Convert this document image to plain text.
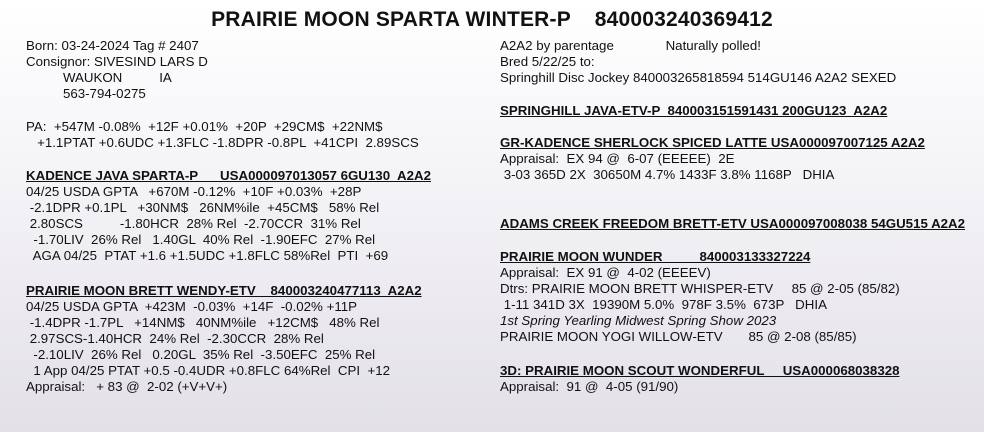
PRAIRIE MOON SPARTA WINTER-P    840003240369412
Born: 03-24-2024 Tag # 2407
Consignor: SIVESIND LARS D
WAUKON          IA
563-794-0275
PA:  +547M -0.08%  +12F +0.01%  +20P  +29CM$  +22NM$
+1.1PTAT +0.6UDC +1.3FLC -1.8DPR -0.8PL  +41CPI  2.89SCS
KADENCE JAVA SPARTA-P      USA000097013057 6GU130  A2A2
04/25 USDA GPTA   +670M -0.12%  +10F +0.03%  +28P
-2.1DPR +0.1PL   +30NM$   26NM%ile  +45CM$   58% Rel
2.80SCS          -1.80HCR  28% Rel  -2.70CCR  31% Rel
-1.70LIV  26% Rel   1.40GL  40% Rel  -1.90EFC  27% Rel
AGA 04/25  PTAT +1.6 +1.5UDC +1.8FLC 58%Rel  PTI  +69
PRAIRIE MOON BRETT WENDY-ETV    840003240477113  A2A2
04/25 USDA GPTA  +423M  -0.03%  +14F  -0.02% +11P
-1.4DPR -1.7PL   +14NM$   40NM%ile   +12CM$   48% Rel
2.97SCS-1.40HCR  24% Rel  -2.30CCR  28% Rel
-2.10LIV  26% Rel   0.20GL  35% Rel  -3.50EFC  25% Rel
1 App 04/25 PTAT +0.5 -0.4UDR +0.8FLC 64%Rel  CPI  +12
Appraisal:   + 83 @  2-02 (+V+V+)
A2A2 by parentage              Naturally polled!
Bred 5/22/25 to:
Springhill Disc Jockey 840003265818594 514GU146 A2A2 SEXED
SPRINGHILL JAVA-ETV-P  840003151591431 200GU123  A2A2
GR-KADENCE SHERLOCK SPICED LATTE USA000097007125 A2A2
Appraisal:  EX 94 @  6-07 (EEEEE)  2E
3-03 365D 2X  30650M 4.7% 1433F 3.8% 1168P   DHIA
ADAMS CREEK FREEDOM BRETT-ETV USA000097008038 54GU515 A2A2
PRAIRIE MOON WUNDER          840003133327224
Appraisal:  EX 91 @  4-02 (EEEEV)
Dtrs: PRAIRIE MOON BRETT WHISPER-ETV     85 @ 2-05 (85/82)
1-11 341D 3X  19390M 5.0%  978F 3.5%  673P   DHIA
1st Spring Yearling Midwest Spring Show 2023
PRAIRIE MOON YOGI WILLOW-ETV       85 @ 2-08 (85/85)
3D: PRAIRIE MOON SCOUT WONDERFUL     USA000068038328
Appraisal:  91 @  4-05 (91/90)
